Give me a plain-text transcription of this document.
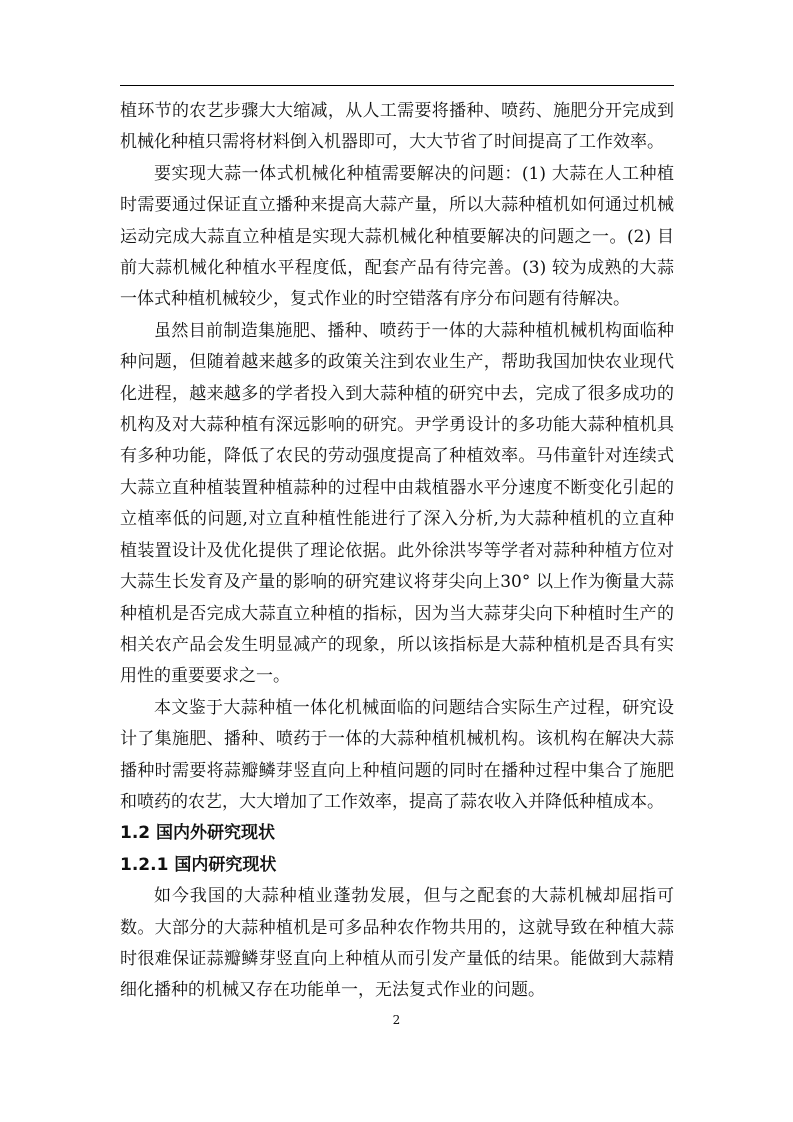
植环节的农艺步骤大大缩减，从人工需要将播种、喷药、施肥分开完成到机械化种植只需将材料倒入机器即可，大大节省了时间提高了工作效率。

要实现大蒜一体式机械化种植需要解决的问题：(1) 大蒜在人工种植时需要通过保证直立播种来提高大蒜产量，所以大蒜种植机如何通过机械运动完成大蒜直立种植是实现大蒜机械化种植要解决的问题之一。(2) 目前大蒜机械化种植水平程度低，配套产品有待完善。(3) 较为成熟的大蒜一体式种植机械较少，复式作业的时空错落有序分布问题有待解决。

虽然目前制造集施肥、播种、喷药于一体的大蒜种植机械机构面临种种问题，但随着越来越多的政策关注到农业生产，帮助我国加快农业现代化进程，越来越多的学者投入到大蒜种植的研究中去，完成了很多成功的机构及对大蒜种植有深远影响的研究。尹学勇设计的多功能大蒜种植机具有多种功能，降低了农民的劳动强度提高了种植效率。马伟童针对连续式大蒜立直种植装置种植蒜种的过程中由栽植器水平分速度不断变化引起的立植率低的问题,对立直种植性能进行了深入分析,为大蒜种植机的立直种植装置设计及优化提供了理论依据。此外徐洪岑等学者对蒜种种植方位对大蒜生长发育及产量的影响的研究建议将芽尖向上30° 以上作为衡量大蒜种植机是否完成大蒜直立种植的指标，因为当大蒜芽尖向下种植时生产的相关农产品会发生明显减产的现象，所以该指标是大蒜种植机是否具有实用性的重要要求之一。

本文鉴于大蒜种植一体化机械面临的问题结合实际生产过程，研究设计了集施肥、播种、喷药于一体的大蒜种植机械机构。该机构在解决大蒜播种时需要将蒜瓣鳞芽竖直向上种植问题的同时在播种过程中集合了施肥和喷药的农艺，大大增加了工作效率，提高了蒜农收入并降低种植成本。

1.2 国内外研究现状

1.2.1 国内研究现状

如今我国的大蒜种植业蓬勃发展，但与之配套的大蒜机械却屈指可数。大部分的大蒜种植机是可多品种农作物共用的，这就导致在种植大蒜时很难保证蒜瓣鳞芽竖直向上种植从而引发产量低的结果。能做到大蒜精细化播种的机械又存在功能单一，无法复式作业的问题。

2
